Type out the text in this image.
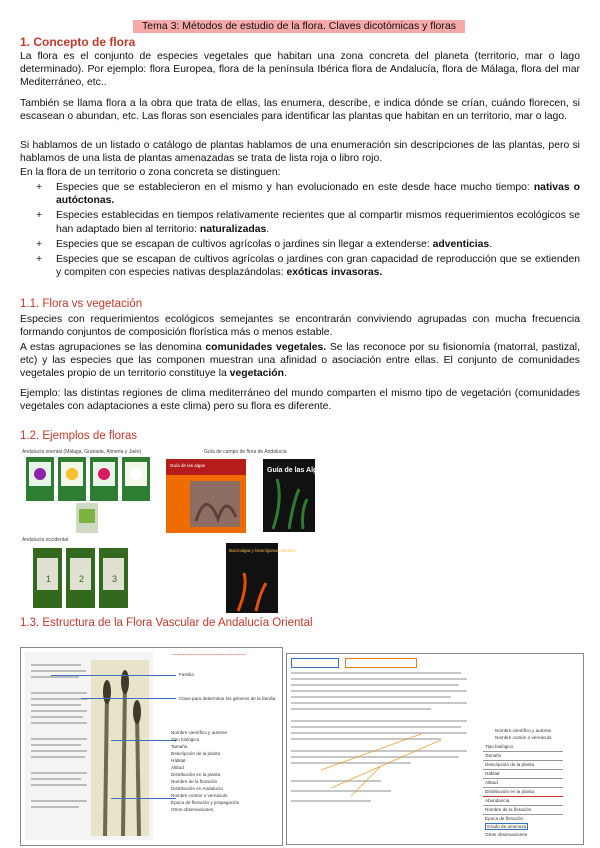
Tema 3: Métodos de estudio de la flora. Claves dicotómicas y floras
1. Concepto de flora
La flora es el conjunto de especies vegetales que habitan una zona concreta del planeta (territorio, mar o lago determinado). Por ejemplo: flora Europea, flora de la península Ibérica flora de Andalucía, flora de Málaga, flora del mar Mediterráneo, etc..
También se llama flora a la obra que trata de ellas, las enumera, describe, e indica dónde se crían, cuándo florecen, si escasean o abundan, etc. Las floras son esenciales para identificar las plantas que habitan en un territorio, mar o lago.
Si hablamos de un listado o catálogo de plantas hablamos de una enumeración sin descripciones de las plantas, pero si hablamos de una lista de plantas amenazadas se trata de lista roja o libro rojo.
En la flora de un territorio o zona concreta se distinguen:
+ Especies que se establecieron en el mismo y han evolucionado en este desde hace mucho tiempo: nativas o autóctonas.
+ Especies establecidas en tiempos relativamente recientes que al compartir mismos requerimientos ecológicos se han adaptado bien al territorio: naturalizadas.
+ Especies que se escapan de cultivos agrícolas o jardines sin llegar a extenderse: adventicias.
+ Especies que se escapan de cultivos agrícolas o jardines con gran capacidad de reproducción que se extienden y compiten con especies nativas desplazándolas: exóticas invasoras.
1.1. Flora vs vegetación
Especies con requerimientos ecológicos semejantes se encontrarán conviviendo agrupadas con mucha frecuencia formando conjuntos de composición florística más o menos estable.
A estas agrupaciones se las denomina comunidades vegetales. Se las reconoce por su fisionomía (matorral, pastizal, etc) y las especies que las componen muestran una afinidad o asociación entre ellas. El conjunto de comunidades vegetales propio de un territorio constituye la vegetación.
Ejemplo: las distintas regiones de clima mediterráneo del mundo comparten el mismo tipo de vegetación (comunidades vegetales con adaptaciones a este clima) pero su flora es diferente.
1.2. Ejemplos de floras
Andalucía oriental (Málaga, Granada, Almería y Jaén)
Andalucía occidental
1	2	3
Guía de campo de flora de Andalucía
Guía de las algas
Guía de las Algas
Macroalgas y fanerógamas marinas
1.3. Estructura de la Flora Vascular de Andalucía Oriental
~~~~~~~~~~~~~~~~~~~~~~~~~~~~
Familia
Clave para determinar los géneros de la familia
Nombre científico y autores
Tipo biológico
Tamaño
Descripción de la planta
Hábitat
Altitud
Distribución en la planta
Nombre de la floración
Distribución en Andalucía
Nombre común o vernáculo
Época de floración y propagación
Otros observaciones
Nombre científico y autores
Nombre común o vernáculo
Tipo biológico
Tamaño
Descripción de la planta
Hábitat
Altitud
Distribución en la planta
Abundancia
Nombre de la floración
Época de floración
Grado de amenaza
Otras observaciones
